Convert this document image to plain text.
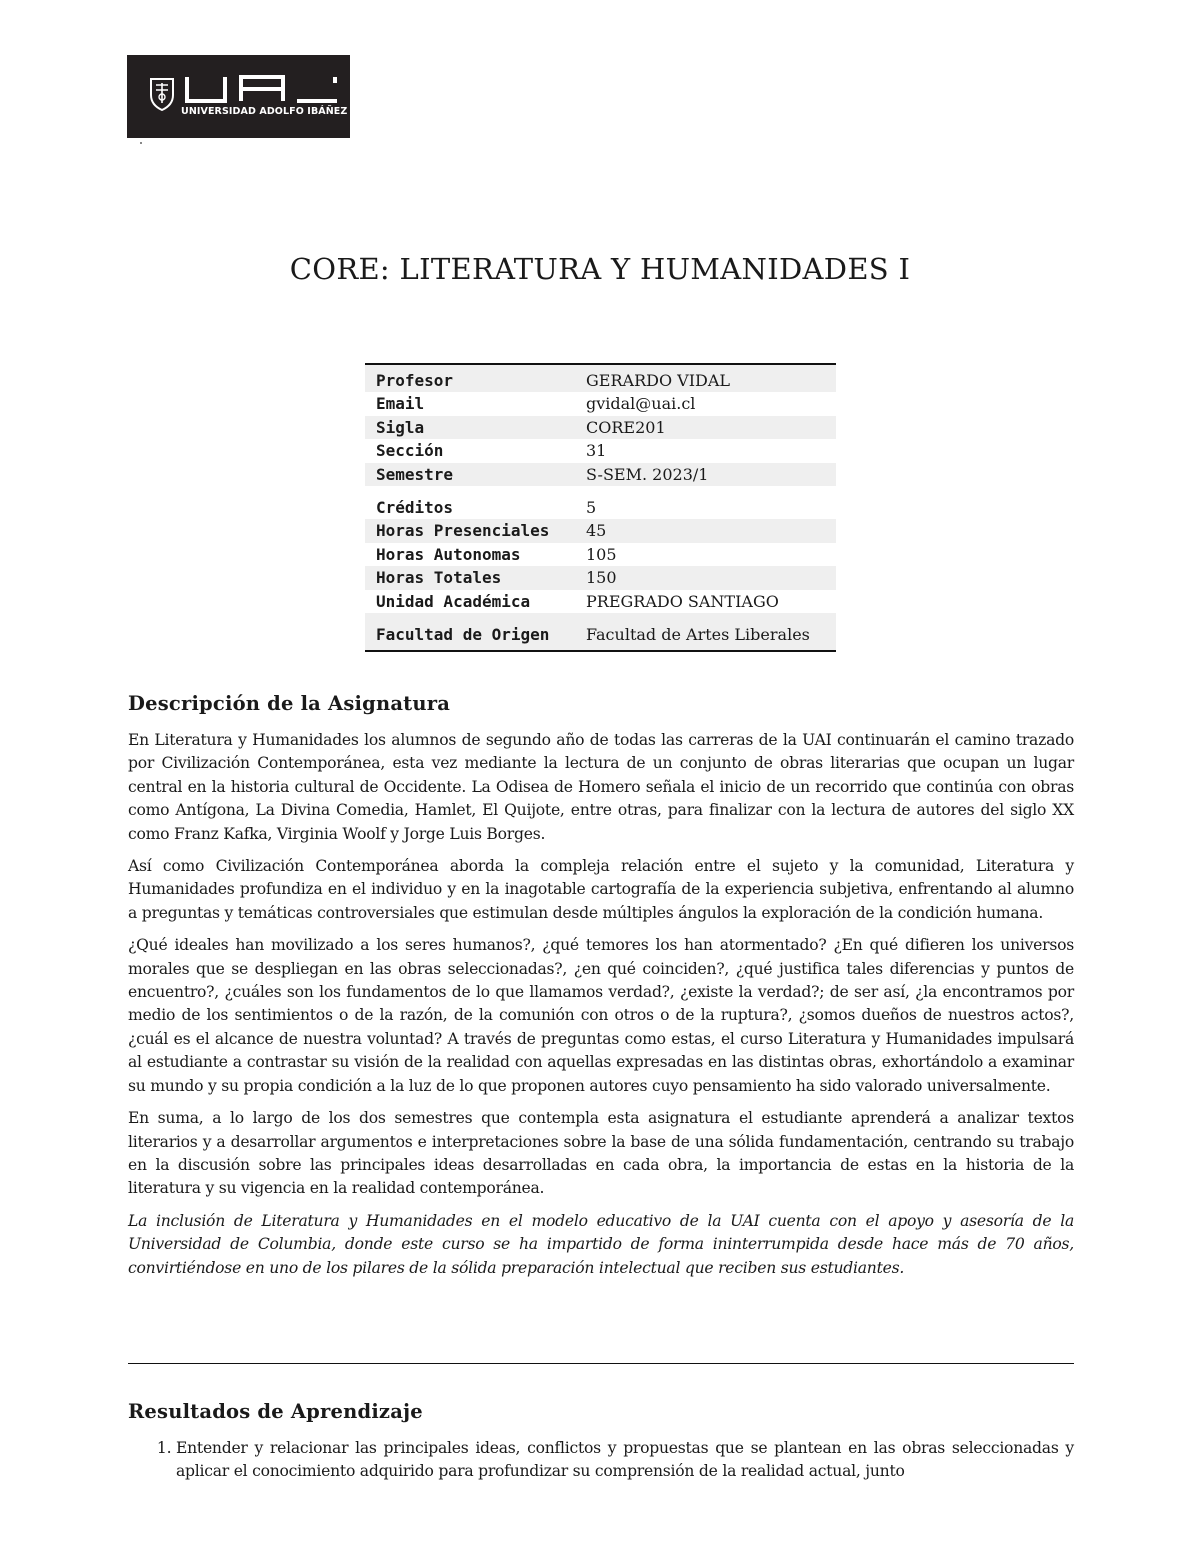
UNIVERSIDAD ADOLFO IBÁÑEZ
CORE: LITERATURA Y HUMANIDADES I
Profesor	GERARDO VIDAL
Email	gvidal@uai.cl
Sigla	CORE201
Sección	31
Semestre	S-SEM. 2023/1
Créditos	5
Horas Presenciales	45
Horas Autonomas	105
Horas Totales	150
Unidad Académica	PREGRADO SANTIAGO
Facultad de Origen	Facultad de Artes Liberales
Descripción de la Asignatura

En Literatura y Humanidades los alumnos de segundo año de todas las carreras de la UAI continuarán el camino trazado por Civilización Contemporánea, esta vez mediante la lectura de un conjunto de obras literarias que ocupan un lugar central en la historia cultural de Occidente. La Odisea de Homero señala el inicio de un recorrido que continúa con obras como Antígona, La Divina Comedia, Hamlet, El Quijote, entre otras, para finalizar con la lectura de autores del siglo XX como Franz Kafka, Virginia Woolf y Jorge Luis Borges.

Así como Civilización Contemporánea aborda la compleja relación entre el sujeto y la comunidad, Literatura y Humanidades profundiza en el individuo y en la inagotable cartografía de la experiencia subjetiva, enfrentando al alumno a preguntas y temáticas controversiales que estimulan desde múltiples ángulos la exploración de la condición humana.

¿Qué ideales han movilizado a los seres humanos?, ¿qué temores los han atormentado? ¿En qué difieren los universos morales que se despliegan en las obras seleccionadas?, ¿en qué coinciden?, ¿qué justifica tales diferencias y puntos de encuentro?, ¿cuáles son los fundamentos de lo que llamamos verdad?, ¿existe la verdad?; de ser así, ¿la encontramos por medio de los sentimientos o de la razón, de la comunión con otros o de la ruptura?, ¿somos dueños de nuestros actos?, ¿cuál es el alcance de nuestra voluntad? A través de preguntas como estas, el curso Literatura y Humanidades impulsará al estudiante a contrastar su visión de la realidad con aquellas expresadas en las distintas obras, exhortándolo a examinar su mundo y su propia condición a la luz de lo que proponen autores cuyo pensamiento ha sido valorado universalmente.

En suma, a lo largo de los dos semestres que contempla esta asignatura el estudiante aprenderá a analizar textos literarios y a desarrollar argumentos e interpretaciones sobre la base de una sólida fundamentación, centrando su trabajo en la discusión sobre las principales ideas desarrolladas en cada obra, la importancia de estas en la historia de la literatura y su vigencia en la realidad contemporánea.

La inclusión de Literatura y Humanidades en el modelo educativo de la UAI cuenta con el apoyo y asesoría de la Universidad de Columbia, donde este curso se ha impartido de forma ininterrumpida desde hace más de 70 años, convirtiéndose en uno de los pilares de la sólida preparación intelectual que reciben sus estudiantes.

Resultados de Aprendizaje
1. Entender y relacionar las principales ideas, conflictos y propuestas que se plantean en las obras seleccionadas y aplicar el conocimiento adquirido para profundizar su comprensión de la realidad actual, junto
